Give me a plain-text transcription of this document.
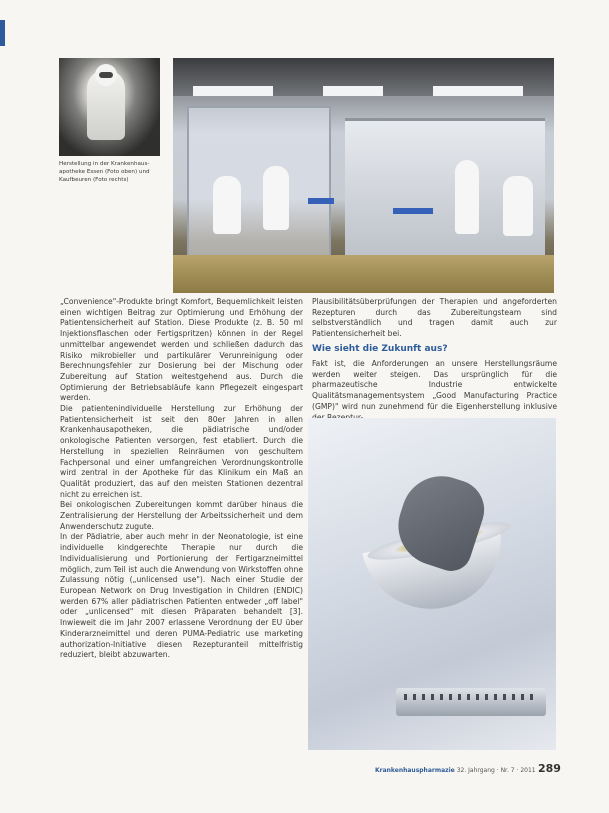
Herstellung in der Krankenhaus-apotheke Essen (Foto oben) und Kaufbeuren (Foto rechts)

„Convenience"-Produkte bringt Komfort, Bequemlichkeit leisten einen wichtigen Beitrag zur Optimierung und Erhöhung der Patientensicherheit auf Station. Diese Produkte (z. B. 50 ml Injektionsflaschen oder Fertigspritzen) können in der Regel unmittelbar angewendet werden und schließen dadurch das Risiko mikrobieller und partikulärer Verunreinigung oder Berechnungsfehler zur Dosierung bei der Mischung oder Zubereitung auf Station weitestgehend aus. Durch die Optimierung der Betriebsabläufe kann Pflegezeit eingespart werden.

Die patientenindividuelle Herstellung zur Erhöhung der Patientensicherheit ist seit den 80er Jahren in allen Krankenhausapotheken, die pädiatrische und/oder onkologische Patienten versorgen, fest etabliert. Durch die Herstellung in speziellen Reinräumen von geschultem Fachpersonal und einer umfangreichen Verordnungskontrolle wird zentral in der Apotheke für das Klinikum ein Maß an Qualität produziert, das auf den meisten Stationen dezentral nicht zu erreichen ist.

Bei onkologischen Zubereitungen kommt darüber hinaus die Zentralisierung der Herstellung der Arbeitssicherheit und dem Anwenderschutz zugute.

In der Pädiatrie, aber auch mehr in der Neonatologie, ist eine individuelle kindgerechte Therapie nur durch die Individualisierung und Portionierung der Fertigarzneimittel möglich, zum Teil ist auch die Anwendung von Wirkstoffen ohne Zulassung nötig („unlicensed use"). Nach einer Studie der European Network on Drug Investigation in Children (ENDIC) werden 67% aller pädiatrischen Patienten entweder „off label" oder „unlicensed" mit diesen Präparaten behandelt [3]. Inwieweit die im Jahr 2007 erlassene Verordnung der EU über Kinderarzneimittel und deren PUMA-Pediatric use marketing authorization-Initiative diesen Rezepturanteil mittelfristig reduziert, bleibt abzuwarten.

Plausibilitätsüberprüfungen der Therapien und angeforderten Rezepturen durch das Zubereitungsteam sind selbstverständlich und tragen damit auch zur Patientensicherheit bei.

Wie sieht die Zukunft aus?

Fakt ist, die Anforderungen an unsere Herstellungsräume werden weiter steigen. Das ursprünglich für die pharmazeutische Industrie entwickelte Qualitätsmanagementsystem „Good Manufacturing Practice (GMP)" wird nun zunehmend für die Eigenherstellung inklusive

Krankenhauspharmazie 32. Jahrgang · Nr. 7 · 2011 289
